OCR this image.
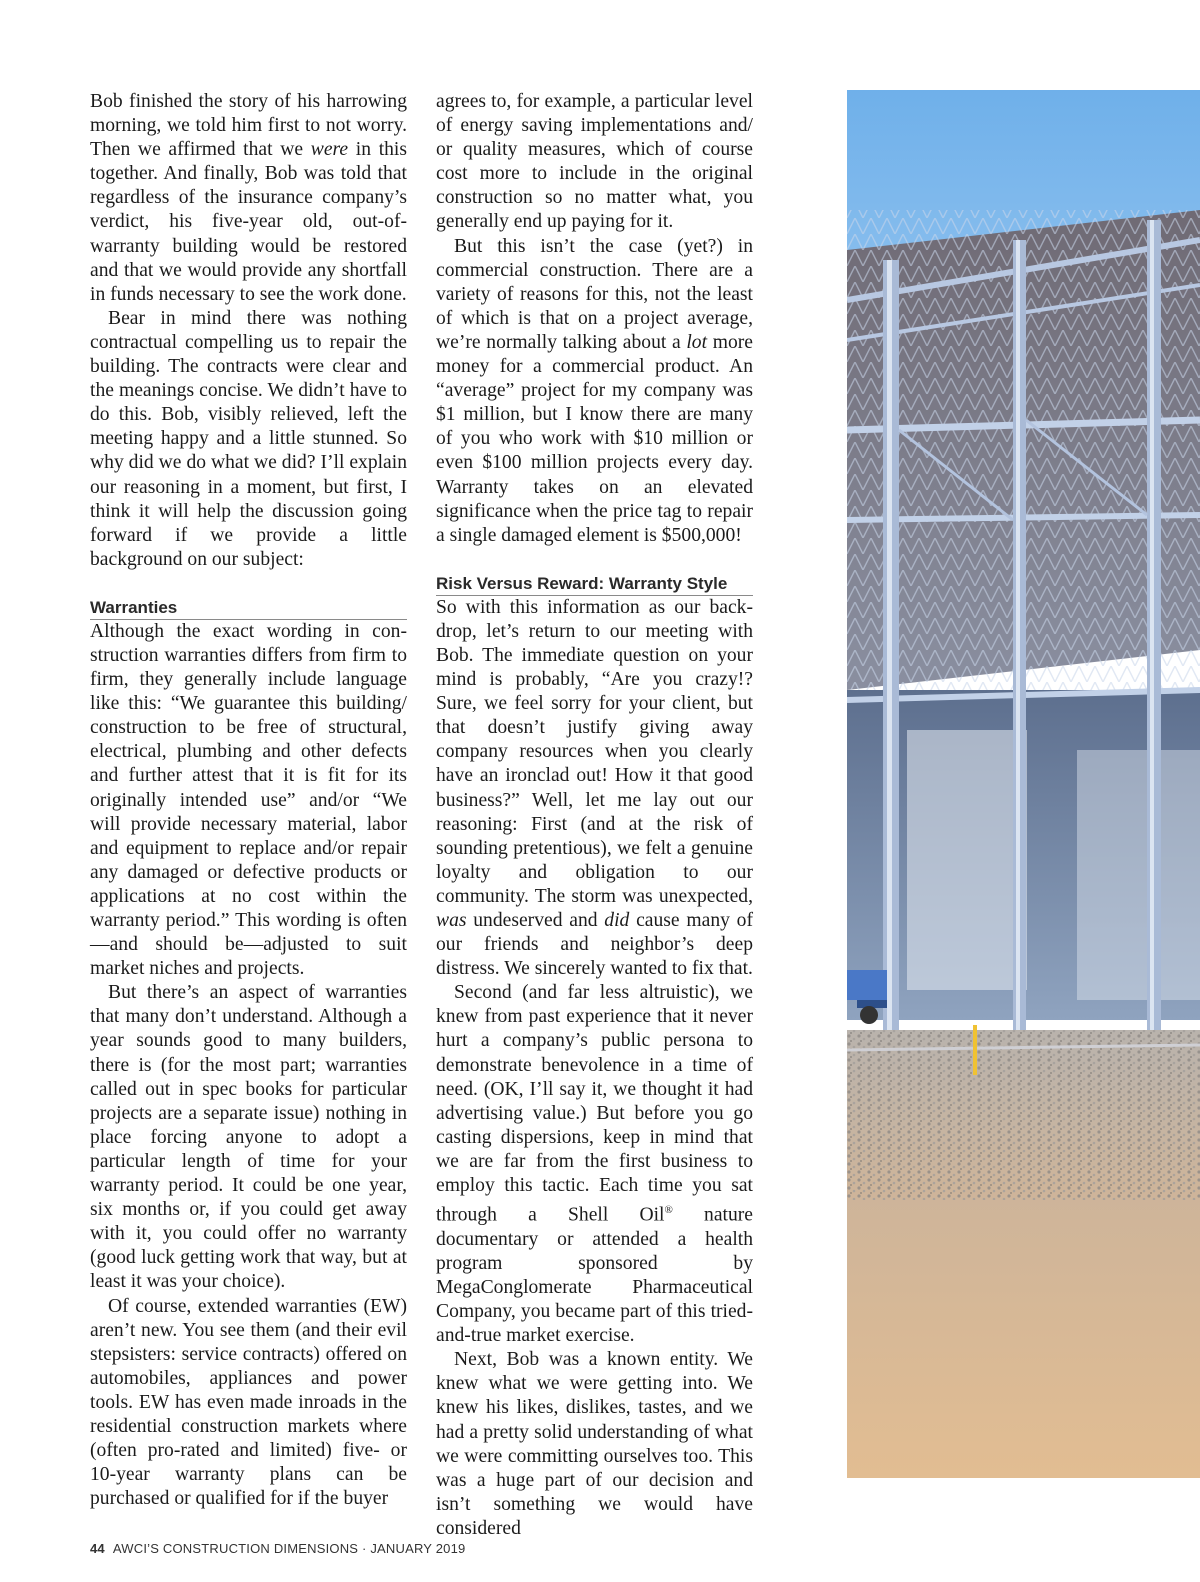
Bob finished the story of his harrowing morning, we told him first to not worry. Then we affirmed that we were in this together. And finally, Bob was told that regardless of the insurance company’s verdict, his five-year old, out-of-warranty building would be restored and that we would provide any shortfall in funds necessary to see the work done.

Bear in mind there was nothing contractual compelling us to repair the building. The contracts were clear and the meanings concise. We didn’t have to do this. Bob, visibly relieved, left the meeting happy and a little stunned. So why did we do what we did? I’ll explain our reasoning in a moment, but first, I think it will help the discussion going forward if we provide a little background on our subject:

Warranties

Although the exact wording in construction warranties differs from firm to firm, they generally include language like this: “We guarantee this building/ construction to be free of structural, electrical, plumbing and other defects and further attest that it is fit for its originally intended use” and/or “We will provide necessary material, labor and equipment to replace and/or repair any damaged or defective products or applications at no cost within the warranty period.” This wording is often—and should be—adjusted to suit market niches and projects.

But there’s an aspect of warranties that many don’t understand. Although a year sounds good to many builders, there is (for the most part; warranties called out in spec books for particular projects are a separate issue) nothing in place forcing anyone to adopt a particular length of time for your warranty period. It could be one year, six months or, if you could get away with it, you could offer no warranty (good luck getting work that way, but at least it was your choice).

Of course, extended warranties (EW) aren’t new. You see them (and their evil stepsisters: service contracts) offered on automobiles, appliances and power tools. EW has even made inroads in the residential construction markets where (often pro-rated and limited) five- or 10-year warranty plans can be purchased or qualified for if the buyer

agrees to, for example, a particular level of energy saving implementations and/ or quality measures, which of course cost more to include in the original construction so no matter what, you generally end up paying for it.

But this isn’t the case (yet?) in commercial construction. There are a variety of reasons for this, not the least of which is that on a project average, we’re normally talking about a lot more money for a commercial product. An “average” project for my company was $1 million, but I know there are many of you who work with $10 million or even $100 million projects every day. Warranty takes on an elevated significance when the price tag to repair a single damaged element is $500,000!

Risk Versus Reward: Warranty Style

So with this information as our backdrop, let’s return to our meeting with Bob. The immediate question on your mind is probably, “Are you crazy!? Sure, we feel sorry for your client, but that doesn’t justify giving away company resources when you clearly have an ironclad out! How it that good business?” Well, let me lay out our reasoning: First (and at the risk of sounding pretentious), we felt a genuine loyalty and obligation to our community. The storm was unexpected, was undeserved and did cause many of our friends and neighbor’s deep distress. We sincerely wanted to fix that.

Second (and far less altruistic), we knew from past experience that it never hurt a company’s public persona to demonstrate benevolence in a time of need. (OK, I’ll say it, we thought it had advertising value.) But before you go casting dispersions, keep in mind that we are far from the first business to employ this tactic. Each time you sat through a Shell Oil® nature documentary or attended a health program sponsored by MegaConglomerate Pharmaceutical Company, you became part of this tried-and-true market exercise.

Next, Bob was a known entity. We knew what we were getting into. We knew his likes, dislikes, tastes, and we had a pretty solid understanding of what we were committing ourselves too. This was a huge part of our decision and isn’t something we would have considered

44 AWCI’S CONSTRUCTION DIMENSIONS · JANUARY 2019
